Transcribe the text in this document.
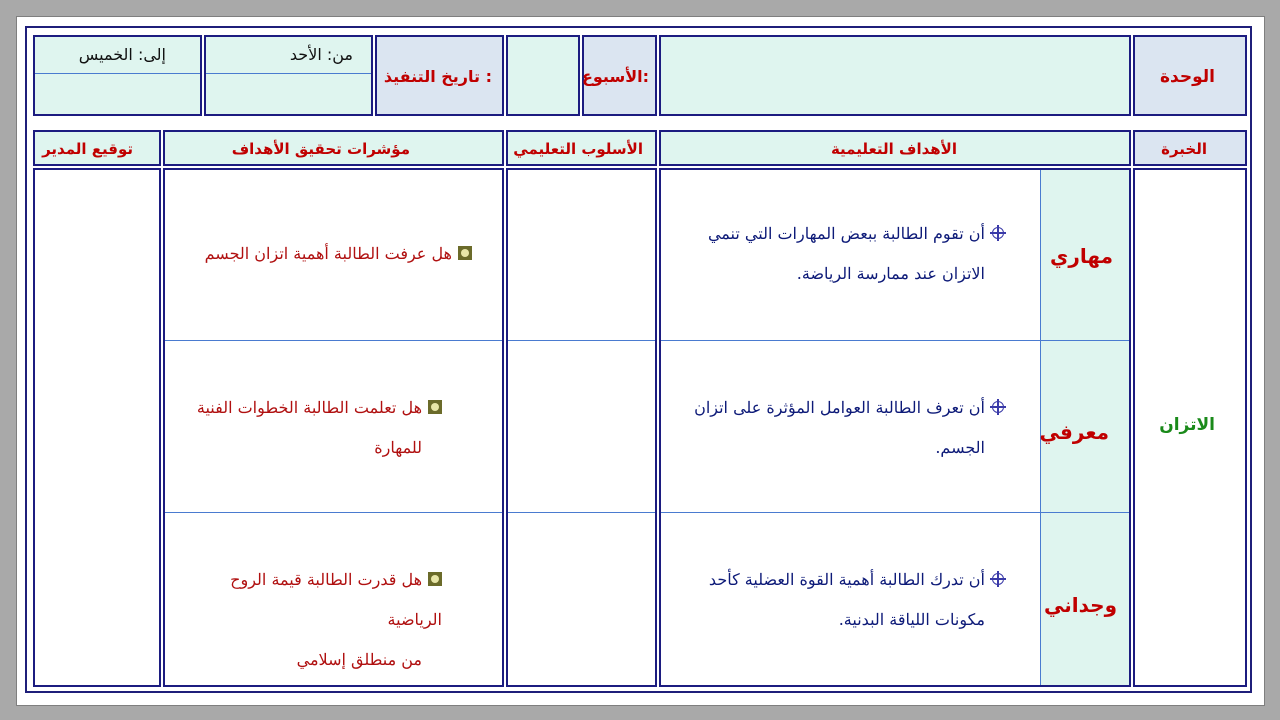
الوحدة
الأسبوع:
تاريخ التنفيذ :
من: الأحد
إلى: الخميس
الخبرة
الأهداف التعليمية
الأسلوب التعليمي
مؤشرات تحقيق الأهداف
توقيع المدير
الاتزان
مهاري
أن تقوم الطالبة ببعض المهارات التي تنمي
الاتزان عند ممارسة الرياضة.
معرفي
أن تعرف الطالبة العوامل المؤثرة على اتزان
الجسم.
وجداني
أن تدرك الطالبة أهمية القوة العضلية كأحد
مكونات اللياقة البدنية.
هل عرفت الطالبة أهمية اتزان الجسم
هل تعلمت الطالبة الخطوات الفنية
للمهارة
هل قدرت الطالبة قيمة الروح الرياضية
من منطلق إسلامي
